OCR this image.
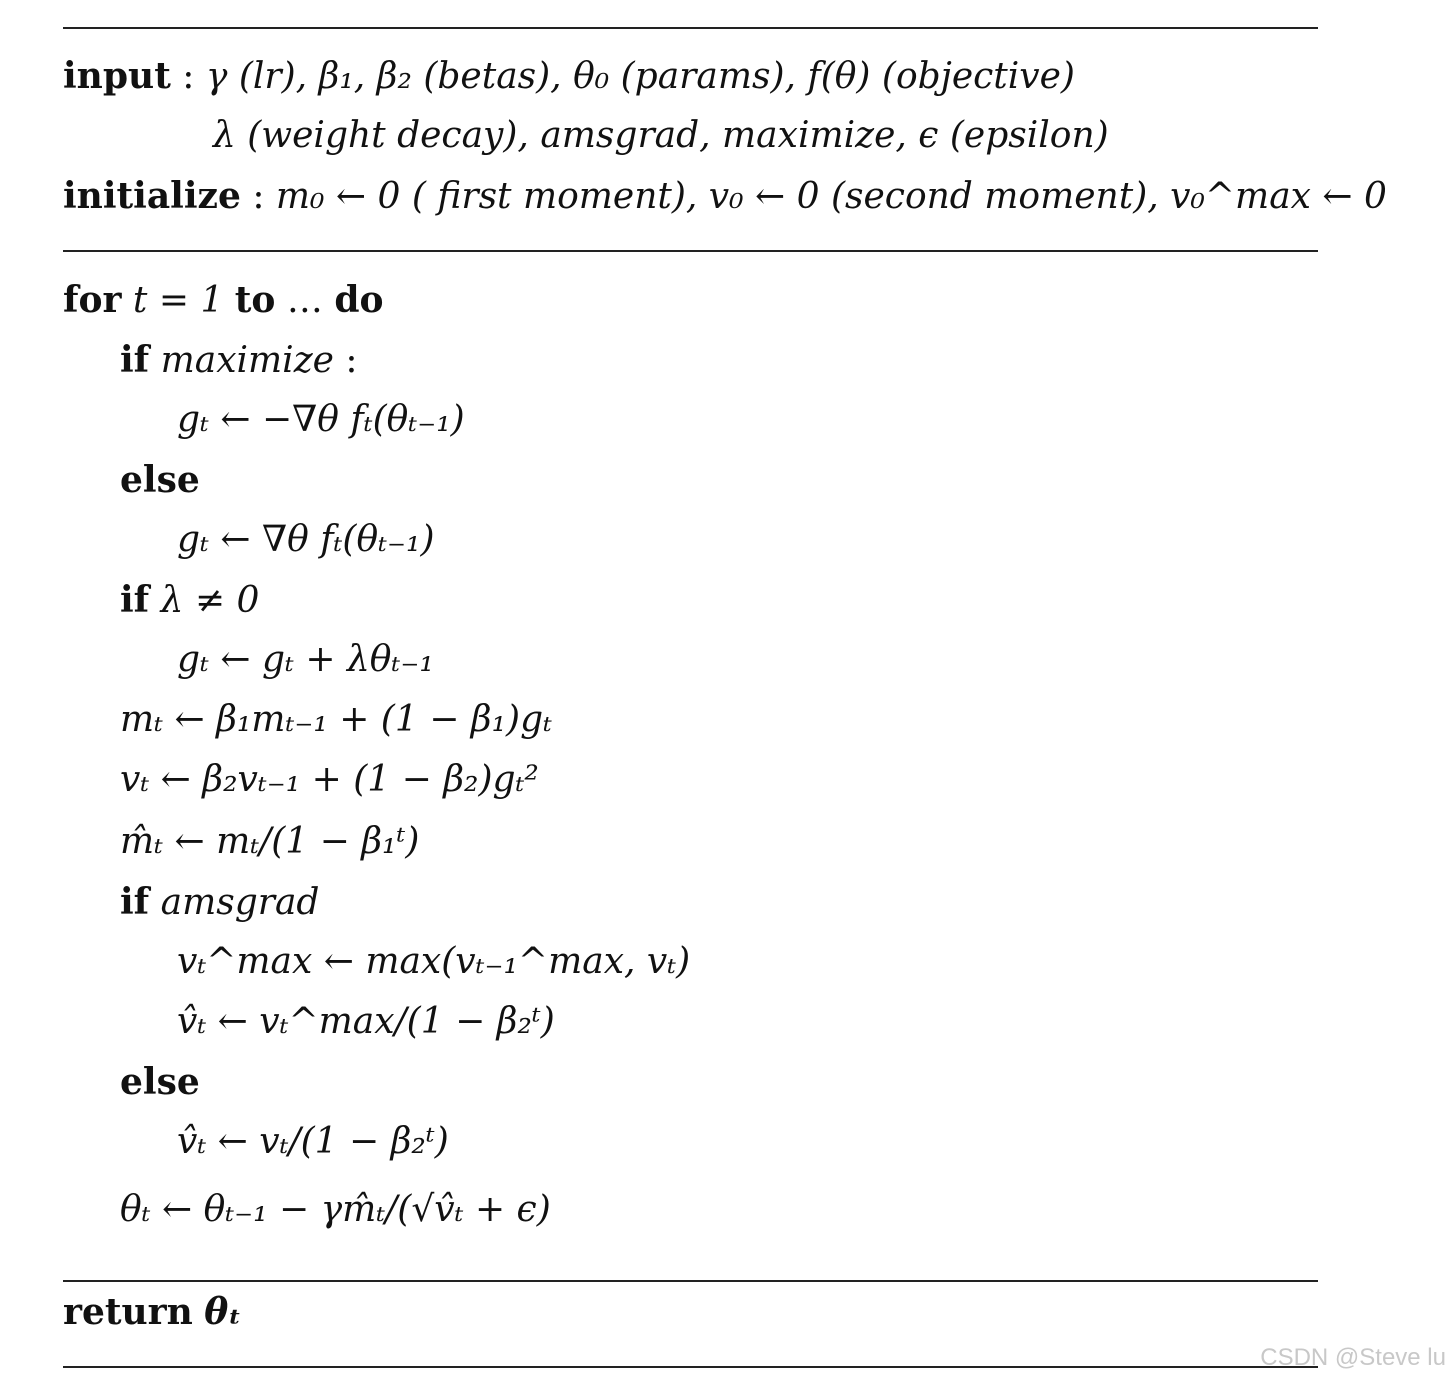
input : γ (lr), β₁, β₂ (betas), θ₀ (params), f(θ) (objective)
λ (weight decay), amsgrad, maximize, ϵ (epsilon)
initialize : m₀ ← 0 ( first moment), v₀ ← 0 (second moment), v₀^max ← 0
for t = 1 to … do
if maximize :
gₜ ← −∇θ fₜ(θₜ₋₁)
else
gₜ ← ∇θ fₜ(θₜ₋₁)
if λ ≠ 0
gₜ ← gₜ + λθₜ₋₁
mₜ ← β₁mₜ₋₁ + (1 − β₁)gₜ
vₜ ← β₂vₜ₋₁ + (1 − β₂)gₜ²
m̂ₜ ← mₜ/(1 − β₁ᵗ)
if amsgrad
vₜ^max ← max(vₜ₋₁^max, vₜ)
v̂ₜ ← vₜ^max/(1 − β₂ᵗ)
else
v̂ₜ ← vₜ/(1 − β₂ᵗ)
θₜ ← θₜ₋₁ − γm̂ₜ/(√v̂ₜ + ϵ)
return θₜ
CSDN @Steve lu
